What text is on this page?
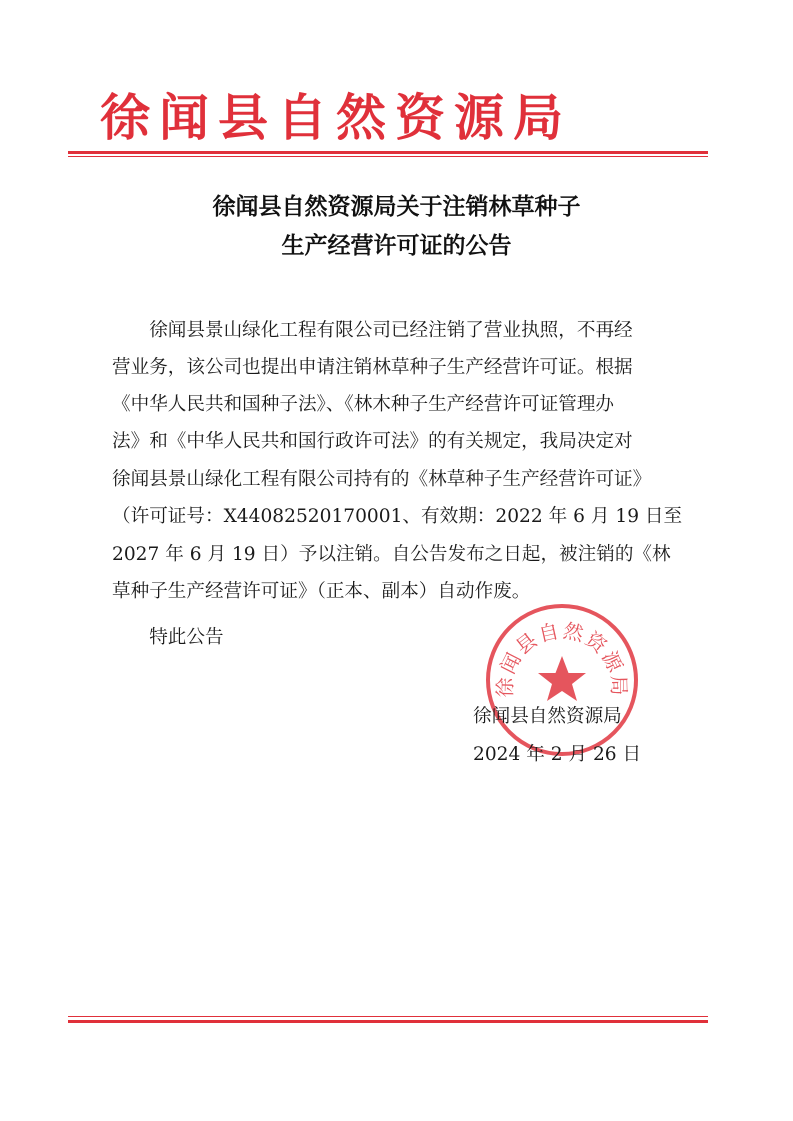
徐闻县自然资源局
徐闻县自然资源局关于注销林草种子
生产经营许可证的公告
　　徐闻县景山绿化工程有限公司已经注销了营业执照，不再经
营业务，该公司也提出申请注销林草种子生产经营许可证。根据
《中华人民共和国种子法》、《林木种子生产经营许可证管理办
法》和《中华人民共和国行政许可法》的有关规定，我局决定对
徐闻县景山绿化工程有限公司持有的《林草种子生产经营许可证》
（许可证号：X44082520170001、有效期：2022 年 6 月 19 日至
2027 年 6 月 19 日）予以注销。自公告发布之日起，被注销的《林
草种子生产经营许可证》（正本、副本）自动作废。
　　特此公告
徐闻县自然资源局
徐闻县自然资源局
2024 年 2 月 26 日
